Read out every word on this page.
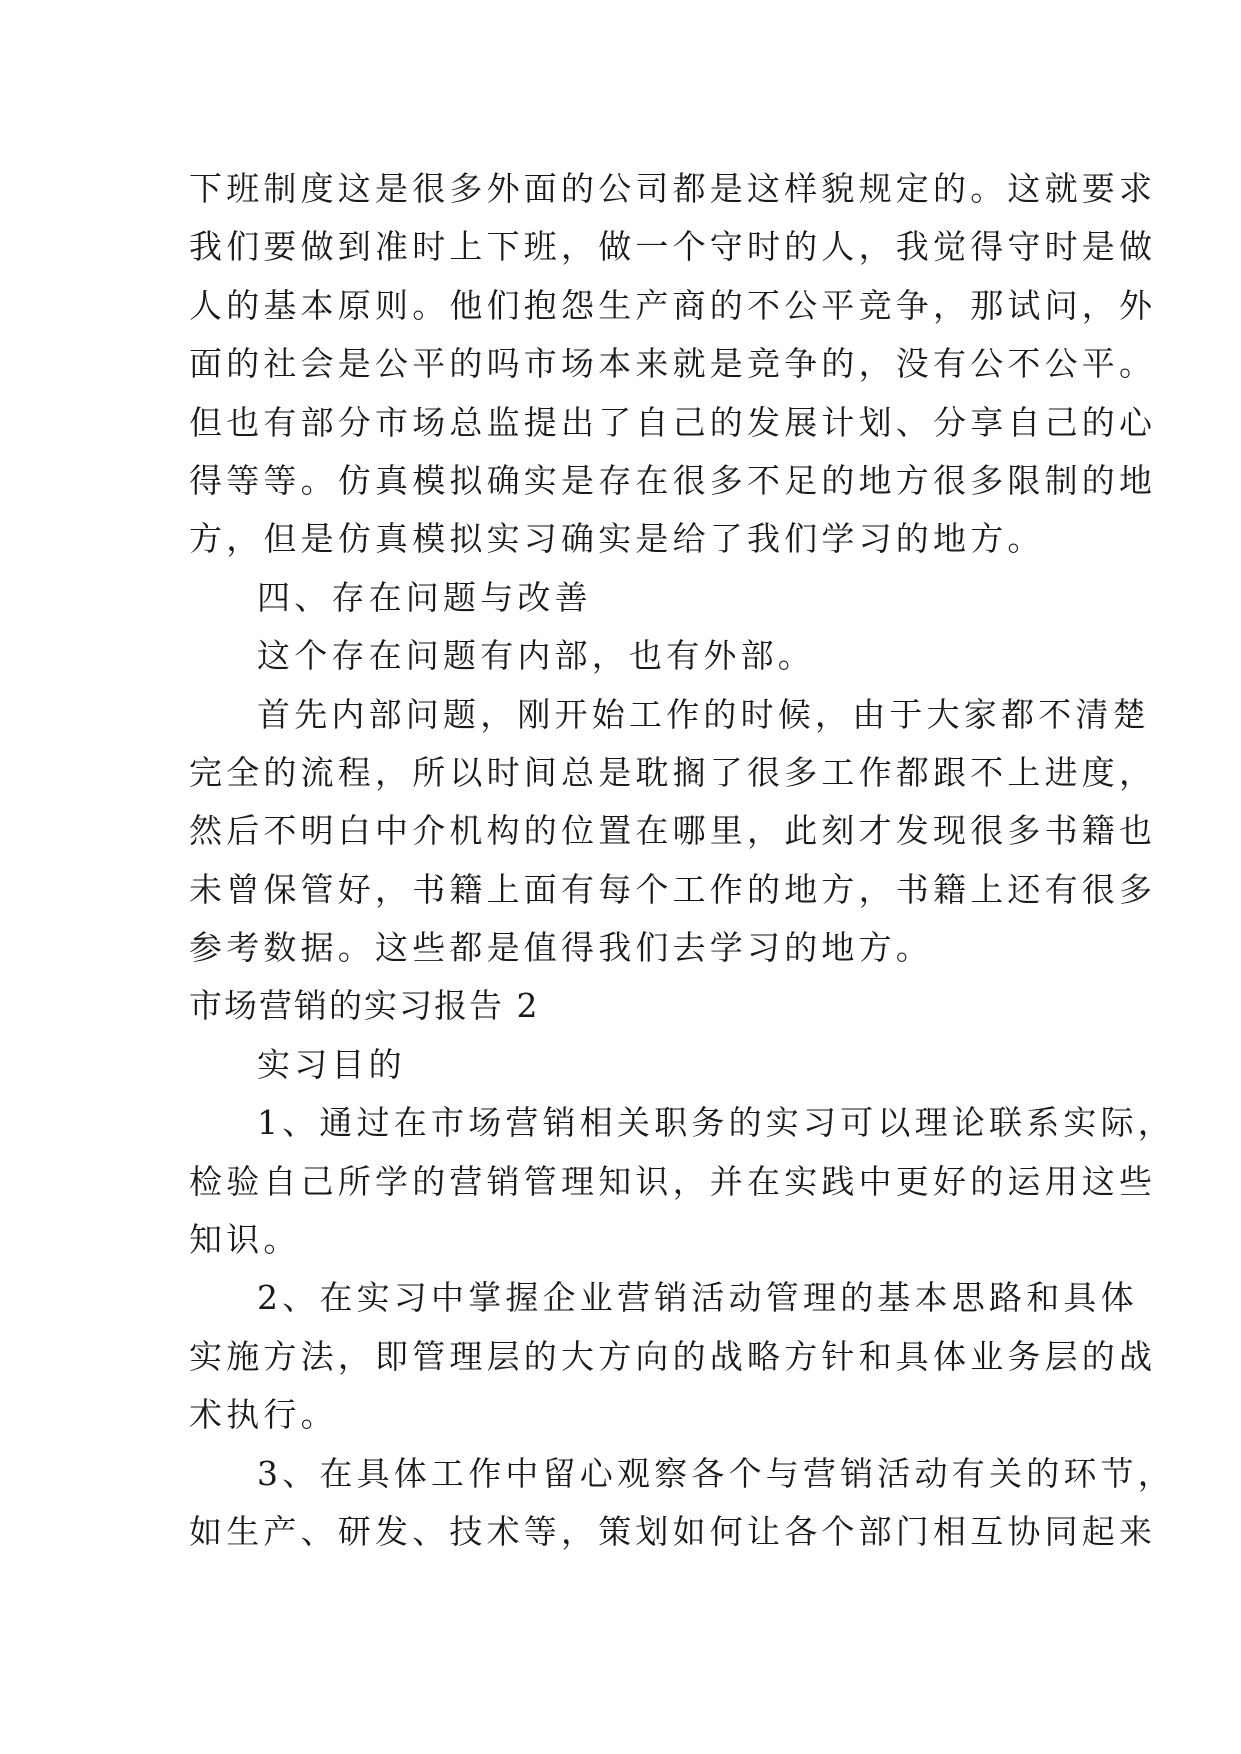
下班制度这是很多外面的公司都是这样貌规定的。这就要求
我们要做到准时上下班，做一个守时的人，我觉得守时是做
人的基本原则。他们抱怨生产商的不公平竞争，那试问，外
面的社会是公平的吗市场本来就是竞争的，没有公不公平。
但也有部分市场总监提出了自己的发展计划、分享自己的心
得等等。仿真模拟确实是存在很多不足的地方很多限制的地
方，但是仿真模拟实习确实是给了我们学习的地方。
四、存在问题与改善
这个存在问题有内部，也有外部。
首先内部问题，刚开始工作的时候，由于大家都不清楚
完全的流程，所以时间总是耽搁了很多工作都跟不上进度，
然后不明白中介机构的位置在哪里，此刻才发现很多书籍也
未曾保管好，书籍上面有每个工作的地方，书籍上还有很多
参考数据。这些都是值得我们去学习的地方。
市场营销的实习报告 2
实习目的
1、通过在市场营销相关职务的实习可以理论联系实际，
检验自己所学的营销管理知识，并在实践中更好的运用这些
知识。
2、在实习中掌握企业营销活动管理的基本思路和具体
实施方法，即管理层的大方向的战略方针和具体业务层的战
术执行。
3、在具体工作中留心观察各个与营销活动有关的环节，
如生产、研发、技术等，策划如何让各个部门相互协同起来
